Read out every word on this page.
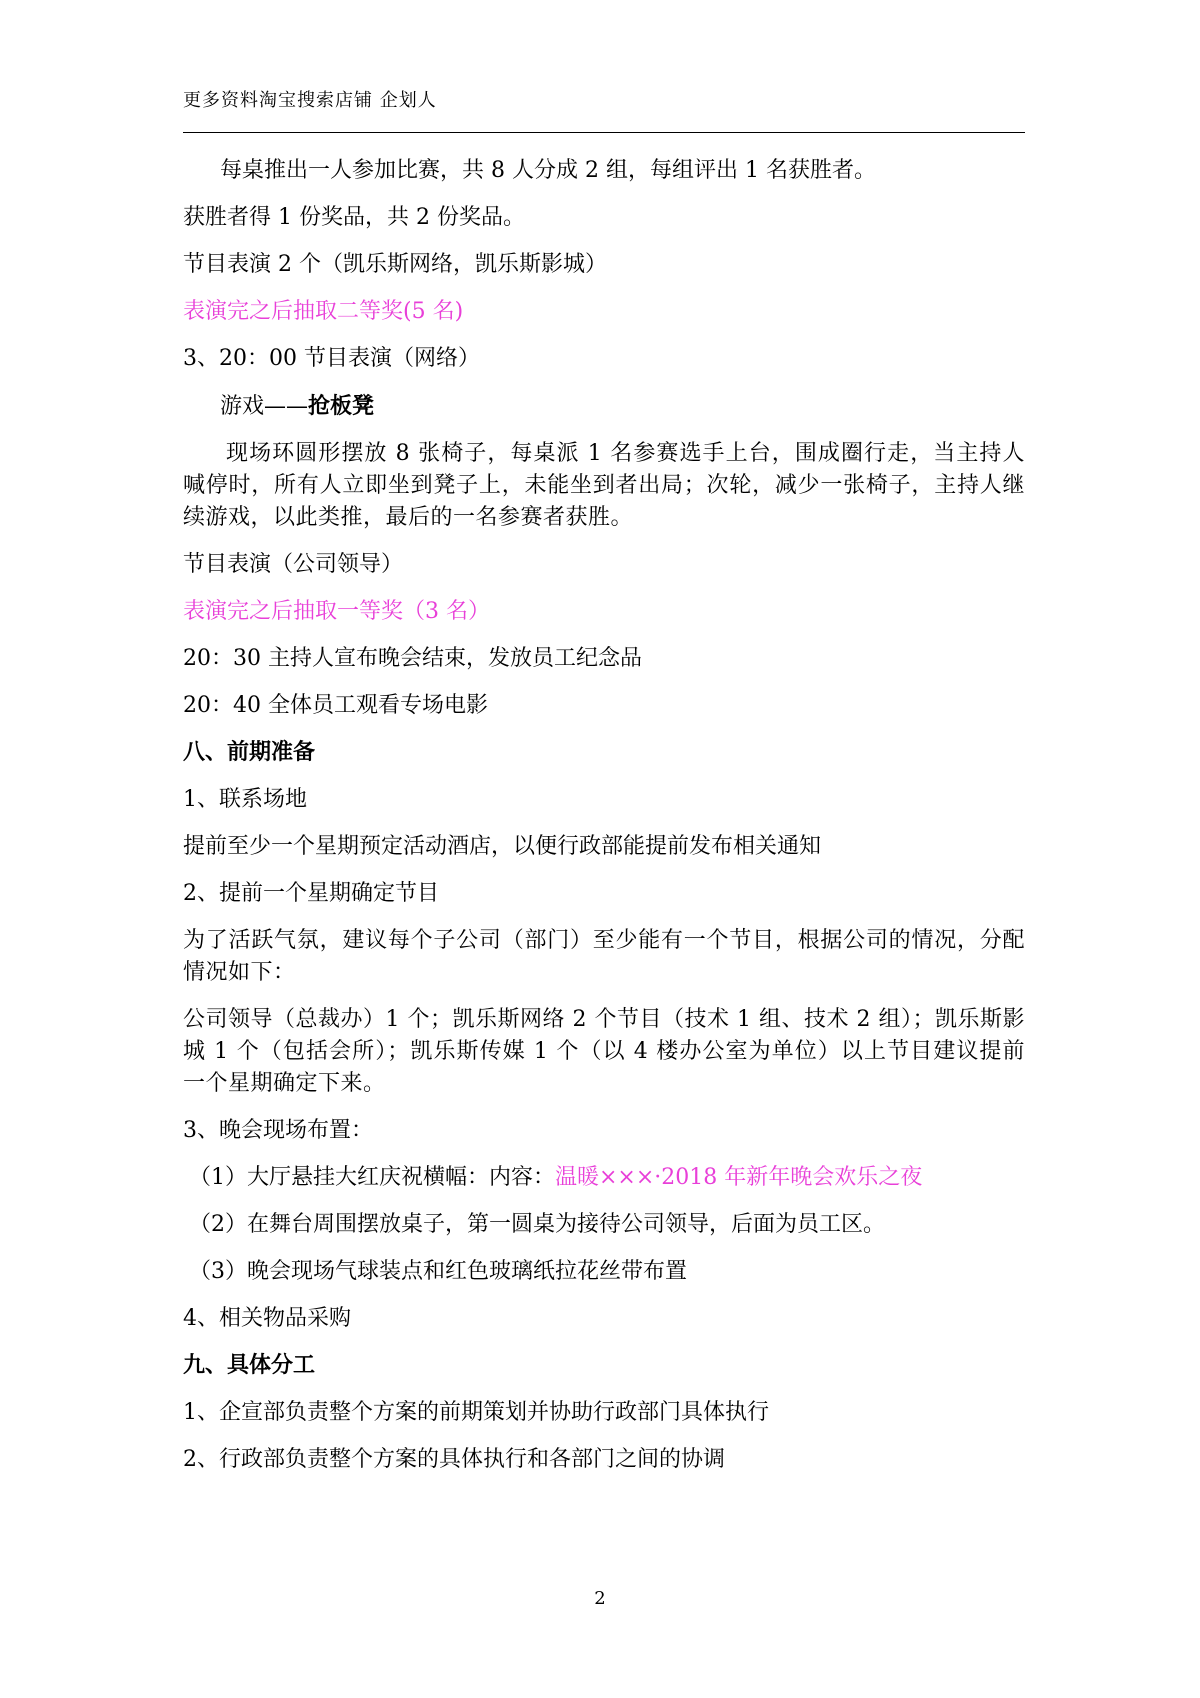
更多资料淘宝搜索店铺 企划人
每桌推出一人参加比赛，共 8 人分成 2 组，每组评出 1 名获胜者。
获胜者得 1 份奖品，共 2 份奖品。
节目表演 2 个（凯乐斯网络，凯乐斯影城）
表演完之后抽取二等奖(5 名)
3、20：00 节目表演（网络）
游戏——抢板凳
现场环圆形摆放 8 张椅子，每桌派 1 名参赛选手上台，围成圈行走，当主持人喊停时，所有人立即坐到凳子上，未能坐到者出局；次轮，减少一张椅子，主持人继续游戏，以此类推，最后的一名参赛者获胜。
节目表演（公司领导）
表演完之后抽取一等奖（3 名）
20：30 主持人宣布晚会结束，发放员工纪念品
20：40 全体员工观看专场电影
八、前期准备
1、联系场地
提前至少一个星期预定活动酒店，以便行政部能提前发布相关通知
2、提前一个星期确定节目
为了活跃气氛，建议每个子公司（部门）至少能有一个节目，根据公司的情况，分配情况如下：
公司领导（总裁办）1 个；凯乐斯网络 2 个节目（技术 1 组、技术 2 组）；凯乐斯影城 1 个（包括会所）；凯乐斯传媒 1 个（以 4 楼办公室为单位）以上节目建议提前一个星期确定下来。
3、晚会现场布置：
（1）大厅悬挂大红庆祝横幅：内容：温暖×××·2018 年新年晚会欢乐之夜
（2）在舞台周围摆放桌子，第一圆桌为接待公司领导，后面为员工区。
（3）晚会现场气球装点和红色玻璃纸拉花丝带布置
4、相关物品采购
九、具体分工
1、企宣部负责整个方案的前期策划并协助行政部门具体执行
2、行政部负责整个方案的具体执行和各部门之间的协调
2
